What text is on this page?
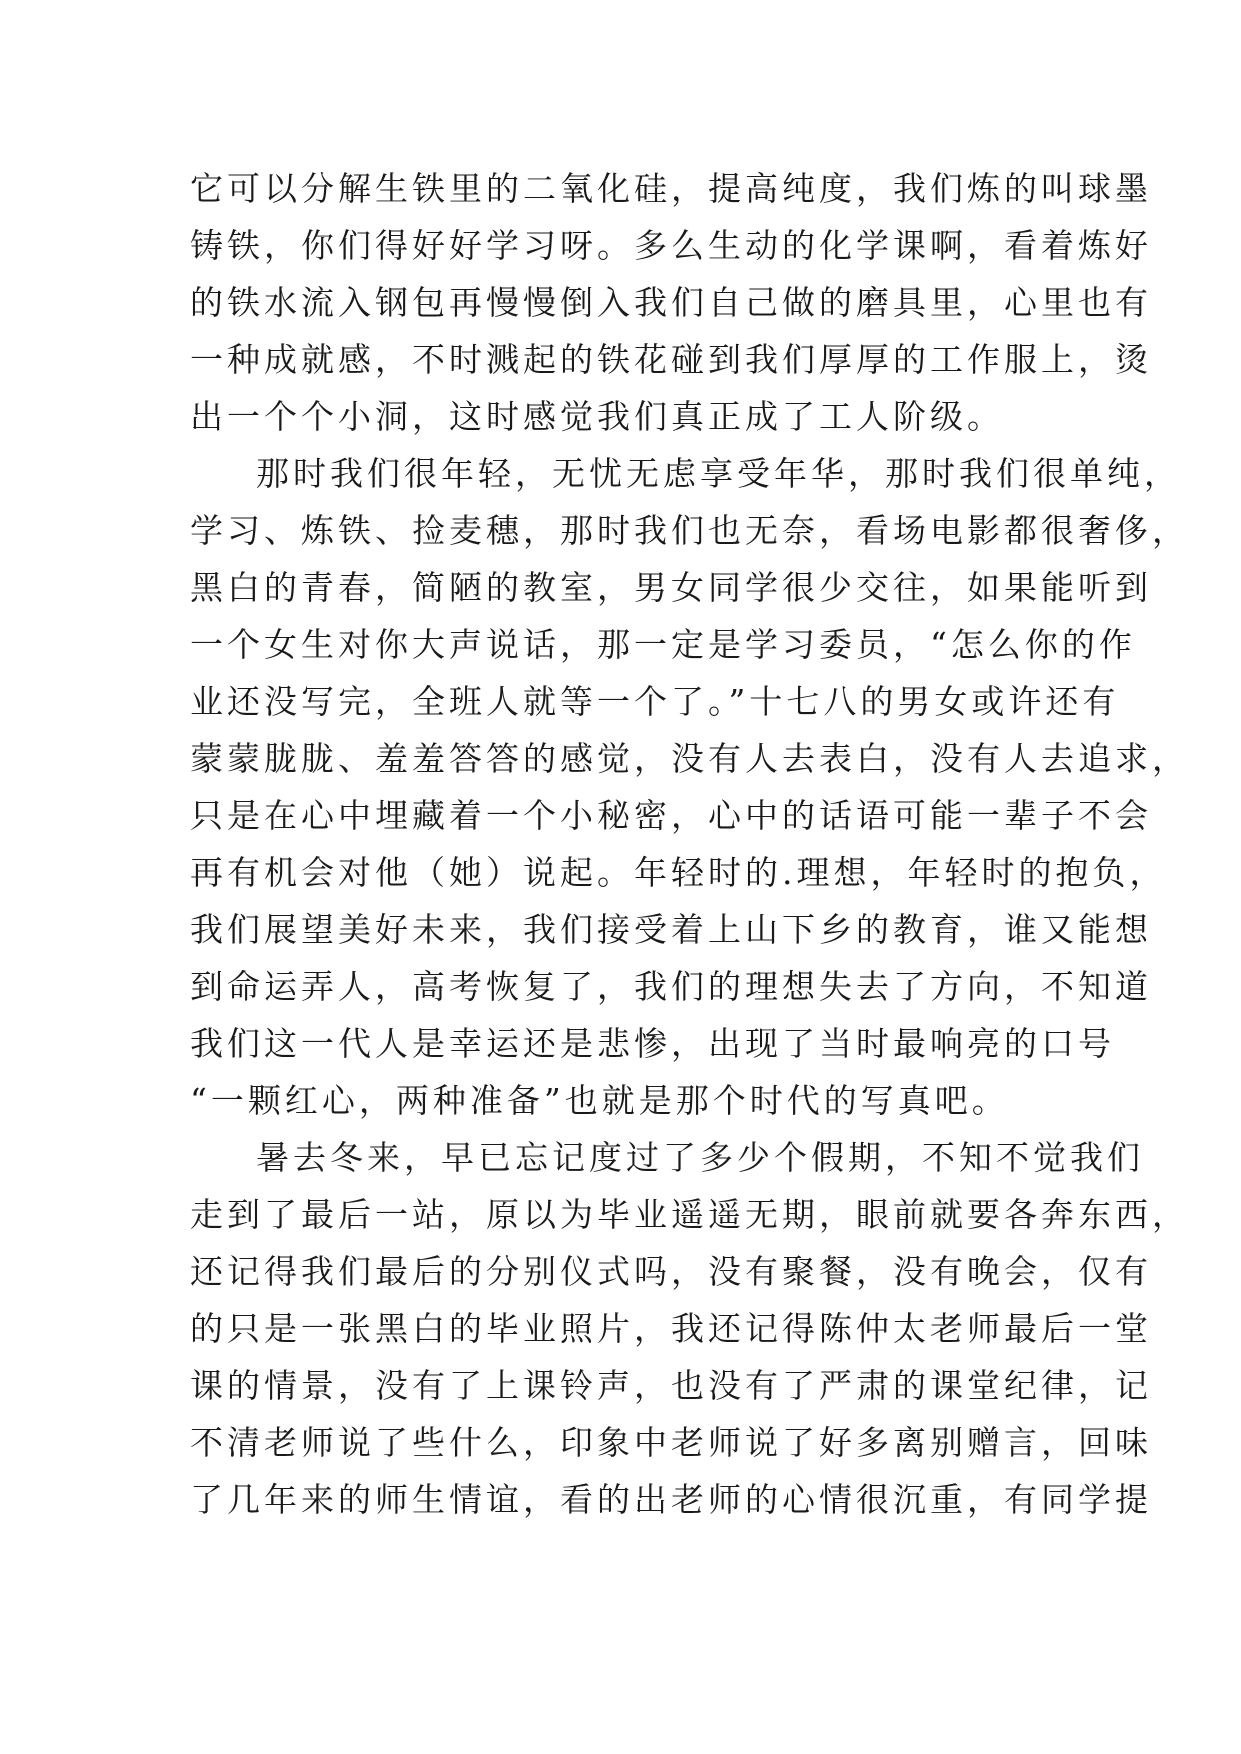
它可以分解生铁里的二氧化硅，提高纯度，我们炼的叫球墨
铸铁，你们得好好学习呀。多么生动的化学课啊，看着炼好
的铁水流入钢包再慢慢倒入我们自己做的磨具里，心里也有
一种成就感，不时溅起的铁花碰到我们厚厚的工作服上，烫
出一个个小洞，这时感觉我们真正成了工人阶级。
那时我们很年轻，无忧无虑享受年华，那时我们很单纯，
学习、炼铁、捡麦穗，那时我们也无奈，看场电影都很奢侈，
黑白的青春，简陋的教室，男女同学很少交往，如果能听到
一个女生对你大声说话，那一定是学习委员，“怎么你的作
业还没写完，全班人就等一个了。”十七八的男女或许还有
蒙蒙胧胧、羞羞答答的感觉，没有人去表白，没有人去追求，
只是在心中埋藏着一个小秘密，心中的话语可能一辈子不会
再有机会对他（她）说起。年轻时的.理想，年轻时的抱负，
我们展望美好未来，我们接受着上山下乡的教育，谁又能想
到命运弄人，高考恢复了，我们的理想失去了方向，不知道
我们这一代人是幸运还是悲惨，出现了当时最响亮的口号
“一颗红心，两种准备”也就是那个时代的写真吧。
暑去冬来，早已忘记度过了多少个假期，不知不觉我们
走到了最后一站，原以为毕业遥遥无期，眼前就要各奔东西，
还记得我们最后的分别仪式吗，没有聚餐，没有晚会，仅有
的只是一张黑白的毕业照片，我还记得陈仲太老师最后一堂
课的情景，没有了上课铃声，也没有了严肃的课堂纪律，记
不清老师说了些什么，印象中老师说了好多离别赠言，回味
了几年来的师生情谊，看的出老师的心情很沉重，有同学提
